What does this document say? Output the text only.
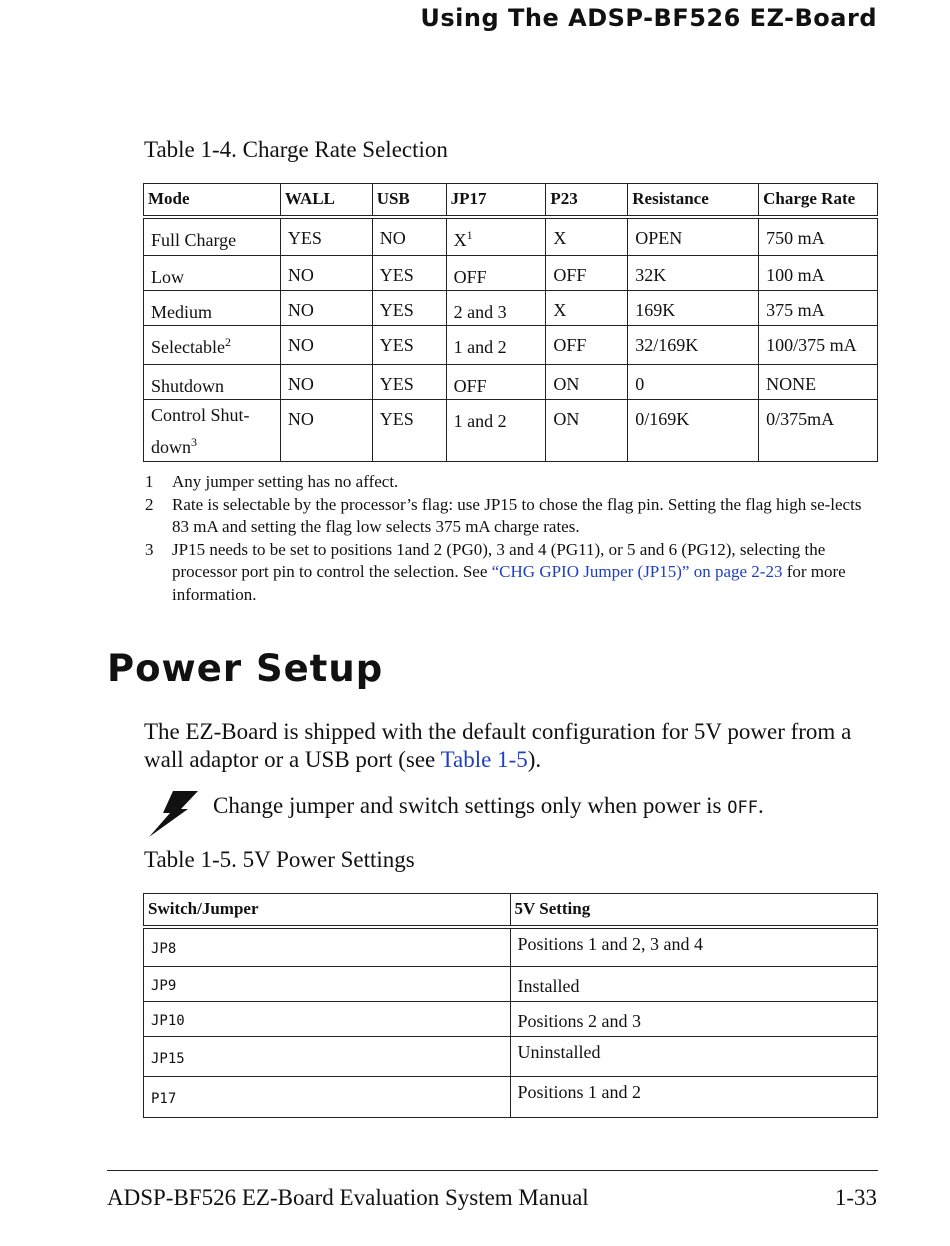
Using The ADSP-BF526 EZ-Board
Table 1-4. Charge Rate Selection
Mode	WALL	USB	JP17	P23	Resistance	Charge Rate

Full Charge	YES	NO	$X^1$	X	OPEN	750 mA

Low	NO	YES	OFF	OFF	32K	100 mA

Medium	NO	YES	2 and 3	X	169K	375 mA

Selectable$^2$	NO	YES	1 and 2	OFF	32/169K	100/375 mA

Shutdown	NO	YES	OFF	ON	0	NONE

Control Shut-down$^3$	NO	YES	1 and 2	ON	0/169K	0/375mA
1	Any jumper setting has no affect.
2	Rate is selectable by the processor’s flag: use JP15 to chose the flag pin. Setting the flag high se-lects 83 mA and setting the flag low selects 375 mA charge rates.
3	JP15 needs to be set to positions 1and 2 (PG0), 3 and 4 (PG11), or 5 and 6 (PG12), selecting the processor port pin to control the selection. See “CHG GPIO Jumper (JP15)” on page 2-23 for more information.
Power Setup
The EZ-Board is shipped with the default configuration for 5V power from a wall adaptor or a USB port (see Table 1-5).
Change jumper and switch settings only when power is OFF.
Table 1-5. 5V Power Settings
Switch/Jumper	5V Setting

JP8	Positions 1 and 2, 3 and 4

JP9	Installed

JP10	Positions 2 and 3

JP15	Uninstalled

P17	Positions 1 and 2
ADSP-BF526 EZ-Board Evaluation System Manual	1-33
